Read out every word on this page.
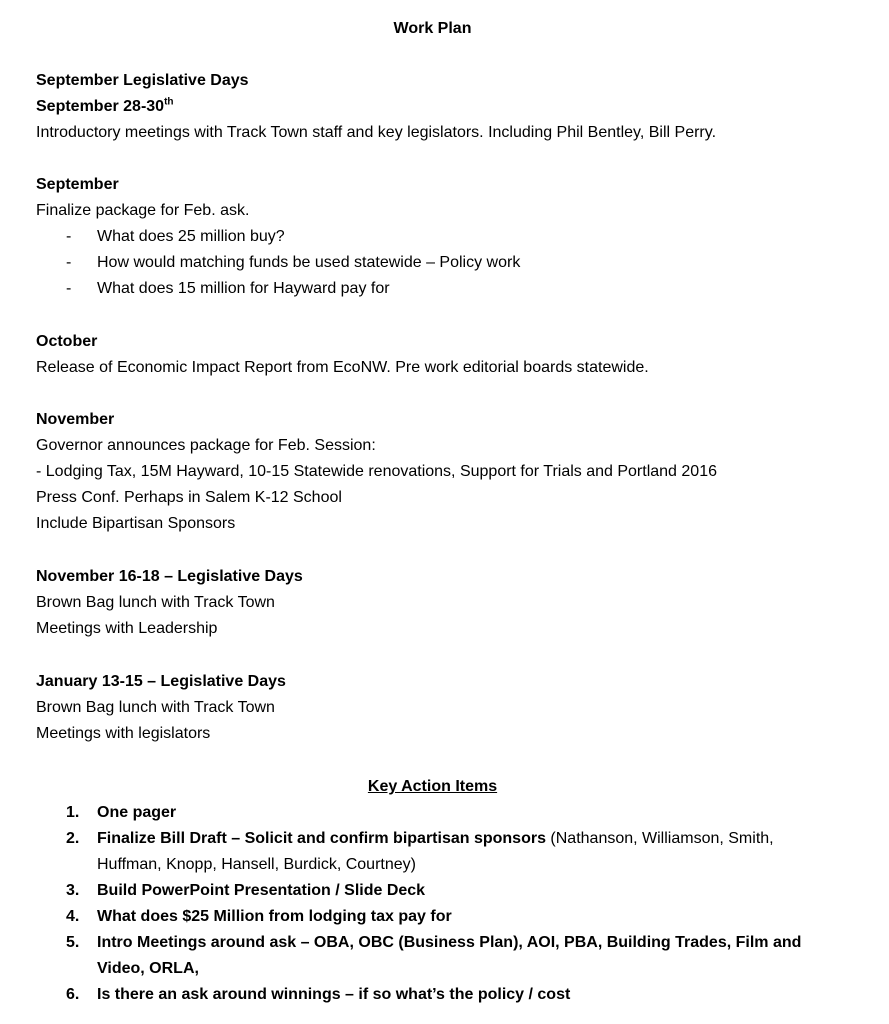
Work Plan
September Legislative Days
September 28-30th
Introductory meetings with Track Town staff and key legislators. Including Phil Bentley, Bill Perry.
September
Finalize package for Feb. ask.
- What does 25 million buy?
- How would matching funds be used statewide – Policy work
- What does 15 million for Hayward pay for
October
Release of Economic Impact Report from EcoNW. Pre work editorial boards statewide.
November
Governor announces package for Feb. Session:
- Lodging Tax, 15M Hayward, 10-15 Statewide renovations, Support for Trials and Portland 2016
Press Conf. Perhaps in Salem K-12 School
Include Bipartisan Sponsors
November 16-18 – Legislative Days
Brown Bag lunch with Track Town
Meetings with Leadership
January 13-15 – Legislative Days
Brown Bag lunch with Track Town
Meetings with legislators
Key Action Items
1. One pager
2. Finalize Bill Draft – Solicit and confirm bipartisan sponsors (Nathanson, Williamson, Smith, Huffman, Knopp, Hansell, Burdick, Courtney)
3. Build PowerPoint Presentation / Slide Deck
4. What does $25 Million from lodging tax pay for
5. Intro Meetings around ask – OBA, OBC (Business Plan), AOI, PBA, Building Trades, Film and Video, ORLA,
6. Is there an ask around winnings – if so what’s the policy / cost
